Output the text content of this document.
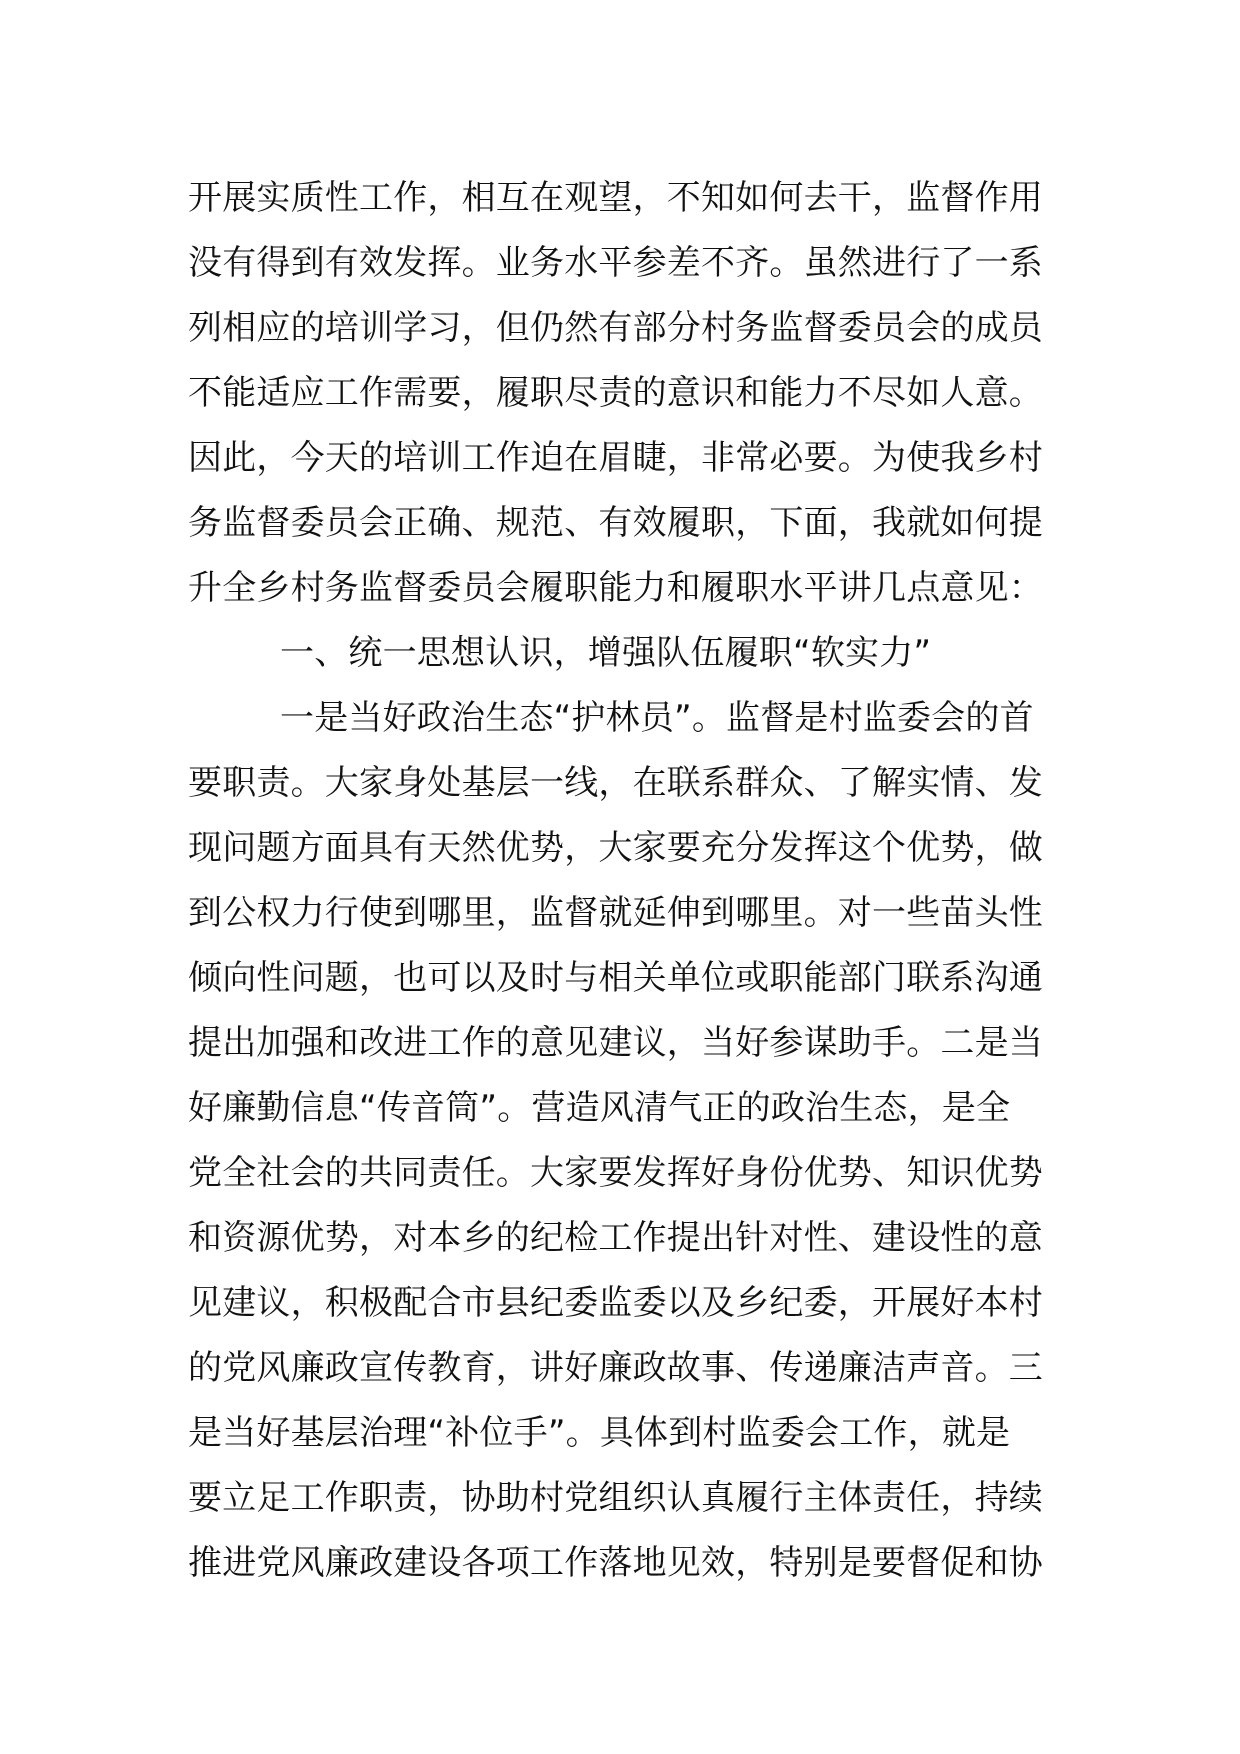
开展实质性工作，相互在观望，不知如何去干，监督作用
没有得到有效发挥。业务水平参差不齐。虽然进行了一系
列相应的培训学习，但仍然有部分村务监督委员会的成员
不能适应工作需要，履职尽责的意识和能力不尽如人意。
因此，今天的培训工作迫在眉睫，非常必要。为使我乡村
务监督委员会正确、规范、有效履职，下面，我就如何提
升全乡村务监督委员会履职能力和履职水平讲几点意见：
一、统一思想认识，增强队伍履职“软实力”
一是当好政治生态“护林员”。监督是村监委会的首
要职责。大家身处基层一线，在联系群众、了解实情、发
现问题方面具有天然优势，大家要充分发挥这个优势，做
到公权力行使到哪里，监督就延伸到哪里。对一些苗头性
倾向性问题，也可以及时与相关单位或职能部门联系沟通
提出加强和改进工作的意见建议，当好参谋助手。二是当
好廉勤信息“传音筒”。营造风清气正的政治生态，是全
党全社会的共同责任。大家要发挥好身份优势、知识优势
和资源优势，对本乡的纪检工作提出针对性、建设性的意
见建议，积极配合市县纪委监委以及乡纪委，开展好本村
的党风廉政宣传教育，讲好廉政故事、传递廉洁声音。三
是当好基层治理“补位手”。具体到村监委会工作，就是
要立足工作职责，协助村党组织认真履行主体责任，持续
推进党风廉政建设各项工作落地见效，特别是要督促和协
